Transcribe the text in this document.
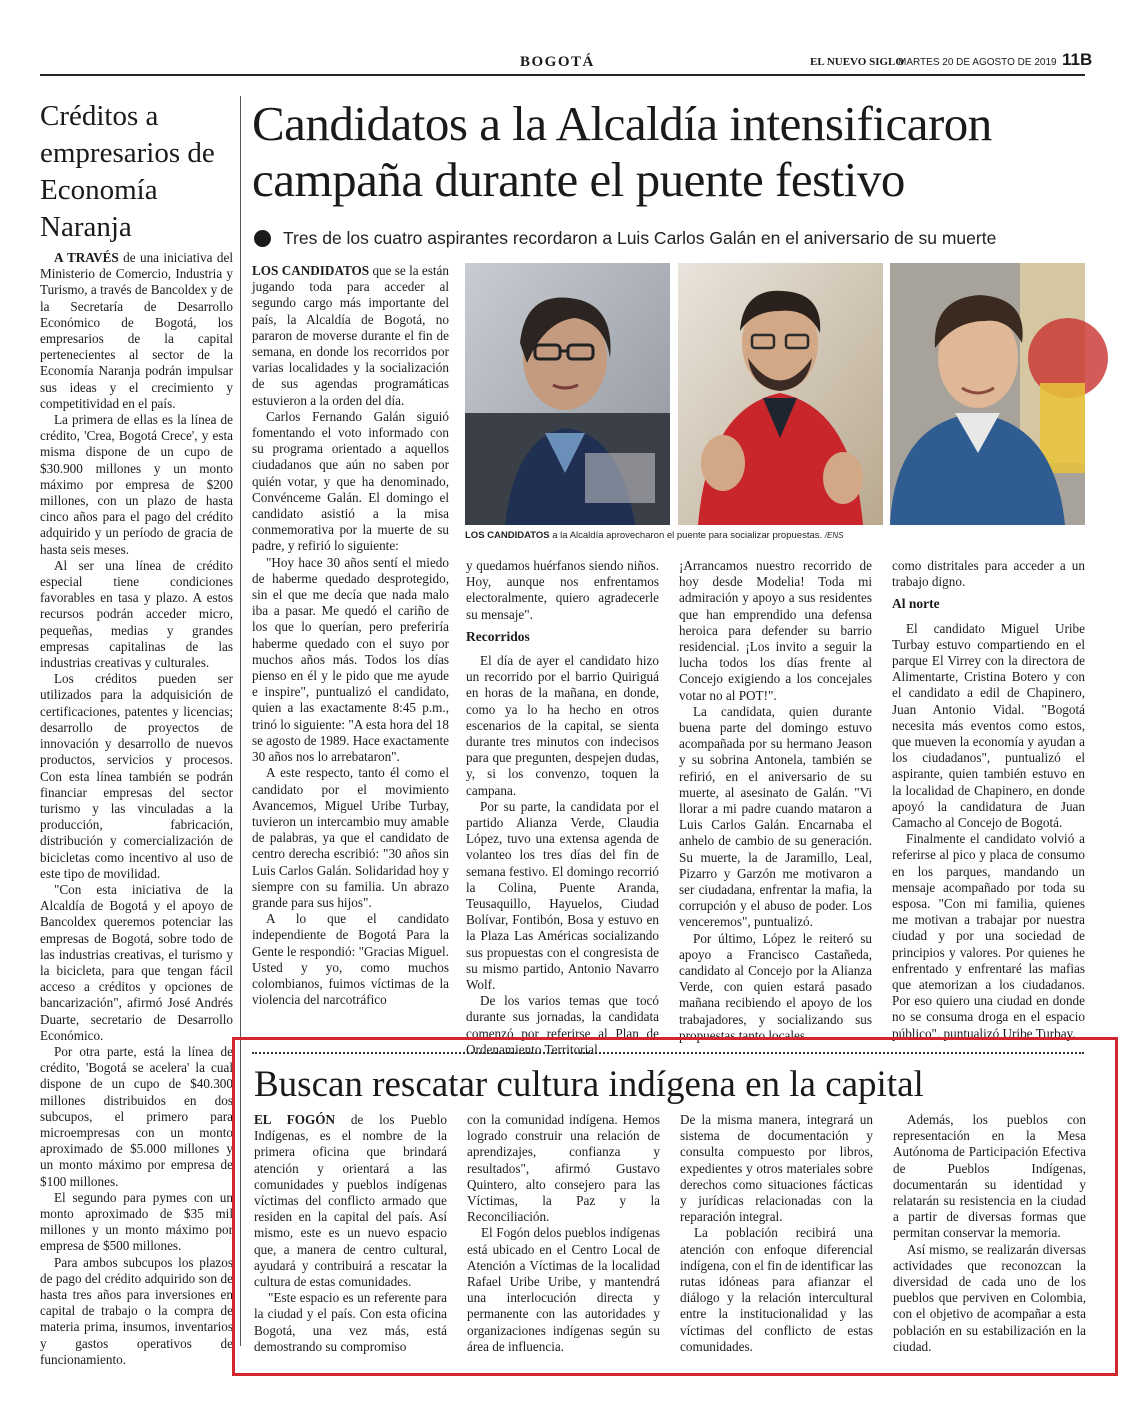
BOGOTÁ	EL NUEVO SIGLO
MARTES 20 DE AGOSTO DE 2019 11B
Créditos a empresarios de Economía Naranja

A TRAVÉS de una iniciativa del Ministerio de Comercio, Industria y Turismo, a través de Bancoldex y de la Secretaría de Desarrollo Económico de Bogotá, los empresarios de la capital pertenecientes al sector de la Economía Naranja podrán impulsar sus ideas y el crecimiento y competitividad en el país.

La primera de ellas es la línea de crédito, 'Crea, Bogotá Crece', y esta misma dispone de un cupo de $30.900 millones y un monto máximo por empresa de $200 millones, con un plazo de hasta cinco años para el pago del crédito adquirido y un período de gracia de hasta seis meses.

Al ser una línea de crédito especial tiene condiciones favorables en tasa y plazo. A estos recursos podrán acceder micro, pequeñas, medias y grandes empresas capitalinas de las industrias creativas y culturales.

Los créditos pueden ser utilizados para la adquisición de certificaciones, patentes y licencias; desarrollo de proyectos de innovación y desarrollo de nuevos productos, servicios y procesos. Con esta línea también se podrán financiar empresas del sector turismo y las vinculadas a la producción, fabricación, distribución y comercialización de bicicletas como incentivo al uso de este tipo de movilidad.

"Con esta iniciativa de la Alcaldía de Bogotá y el apoyo de Bancoldex queremos potenciar las empresas de Bogotá, sobre todo de las industrias creativas, el turismo y la bicicleta, para que tengan fácil acceso a créditos y opciones de bancarización", afirmó José Andrés Duarte, secretario de Desarrollo Económico.

Por otra parte, está la línea de crédito, 'Bogotá se acelera' la cual dispone de un cupo de $40.300 millones distribuidos en dos subcupos, el primero para microempresas con un monto aproximado de $5.000 millones y un monto máximo por empresa de $100 millones.

El segundo para pymes con un monto aproximado de $35 mil millones y un monto máximo por empresa de $500 millones.

Para ambos subcupos los plazos de pago del crédito adquirido son de hasta tres años para inversiones en capital de trabajo o la compra de materia prima, insumos, inventarios y gastos operativos de funcionamiento.

Candidatos a la Alcaldía intensificaron campaña durante el puente festivo
Tres de los cuatro aspirantes recordaron a Luis Carlos Galán en el aniversario de su muerte

LOS CANDIDATOS que se la están jugando toda para acceder al segundo cargo más importante del país, la Alcaldía de Bogotá, no pararon de moverse durante el fin de semana, en donde los recorridos por varias localidades y la socialización de sus agendas programáticas estuvieron a la orden del día.

Carlos Fernando Galán siguió fomentando el voto informado con su programa orientado a aquellos ciudadanos que aún no saben por quién votar, y que ha denominado, Convénceme Galán. El domingo el candidato asistió a la misa conmemorativa por la muerte de su padre, y refirió lo siguiente:

"Hoy hace 30 años sentí el miedo de haberme quedado desprotegido, sin el que me decía que nada malo iba a pasar. Me quedó el cariño de los que lo querían, pero preferiría haberme quedado con el suyo por muchos años más. Todos los días pienso en él y le pido que me ayude e inspire", puntualizó el candidato, quien a las exactamente 8:45 p.m., trinó lo siguiente: "A esta hora del 18 se agosto de 1989. Hace exactamente 30 años nos lo arrebataron".

A este respecto, tanto él como el candidato por el movimiento Avancemos, Miguel Uribe Turbay, tuvieron un intercambio muy amable de palabras, ya que el candidato de centro derecha escribió: "30 años sin Luis Carlos Galán. Solidaridad hoy y siempre con su familia. Un abrazo grande para sus hijos".

A lo que el candidato independiente de Bogotá Para la Gente le respondió: "Gracias Miguel. Usted y yo, como muchos colombianos, fuimos víctimas de la violencia del narcotráfico

LOS CANDIDATOS a la Alcaldía aprovecharon el puente para socializar propuestas. /ENS

y quedamos huérfanos siendo niños. Hoy, aunque nos enfrentamos electoralmente, quiero agradecerle su mensaje".

Recorridos

El día de ayer el candidato hizo un recorrido por el barrio Quiriguá en horas de la mañana, en donde, como ya lo ha hecho en otros escenarios de la capital, se sienta durante tres minutos con indecisos para que pregunten, despejen dudas, y, si los convenzo, toquen la campana.

Por su parte, la candidata por el partido Alianza Verde, Claudia López, tuvo una extensa agenda de volanteo los tres días del fin de semana festivo. El domingo recorrió la Colina, Puente Aranda, Teusaquillo, Hayuelos, Ciudad Bolívar, Fontibón, Bosa y estuvo en la Plaza Las Américas socializando sus propuestas con el congresista de su mismo partido, Antonio Navarro Wolf.

De los varios temas que tocó durante sus jornadas, la candidata comenzó por referirse al Plan de Ordenamiento Territorial

¡Arrancamos nuestro recorrido de hoy desde Modelia! Toda mi admiración y apoyo a sus residentes que han emprendido una defensa heroica para defender su barrio residencial. ¡Los invito a seguir la lucha todos los días frente al Concejo exigiendo a los concejales votar no al POT!".

La candidata, quien durante buena parte del domingo estuvo acompañada por su hermano Jeason y su sobrina Antonela, también se refirió, en el aniversario de su muerte, al asesinato de Galán. "Vi llorar a mi padre cuando mataron a Luis Carlos Galán. Encarnaba el anhelo de cambio de su generación. Su muerte, la de Jaramillo, Leal, Pizarro y Garzón me motivaron a ser ciudadana, enfrentar la mafia, la corrupción y el abuso de poder. Los venceremos", puntualizó.

Por último, López le reiteró su apoyo a Francisco Castañeda, candidato al Concejo por la Alianza Verde, con quien estará pasado mañana recibiendo el apoyo de los trabajadores, y socializando sus propuestas tanto locales

como distritales para acceder a un trabajo digno.

Al norte

El candidato Miguel Uribe Turbay estuvo compartiendo en el parque El Virrey con la directora de Alimentarte, Cristina Botero y con el candidato a edil de Chapinero, Juan Antonio Vidal. "Bogotá necesita más eventos como estos, que mueven la economía y ayudan a los ciudadanos", puntualizó el aspirante, quien también estuvo en la localidad de Chapinero, en donde apoyó la candidatura de Juan Camacho al Concejo de Bogotá.

Finalmente el candidato volvió a referirse al pico y placa de consumo en los parques, mandando un mensaje acompañado por toda su esposa. "Con mi familia, quienes me motivan a trabajar por nuestra ciudad y por una sociedad de principios y valores. Por quienes he enfrentado y enfrentaré las mafias que atemorizan a los ciudadanos. Por eso quiero una ciudad en donde no se consuma droga en el espacio público", puntualizó Uribe Turbay.

Buscan rescatar cultura indígena en la capital

EL FOGÓN de los Pueblo Indígenas, es el nombre de la primera oficina que brindará atención y orientará a las comunidades y pueblos indígenas víctimas del conflicto armado que residen en la capital del país. Así mismo, este es un nuevo espacio que, a manera de centro cultural, ayudará y contribuirá a rescatar la cultura de estas comunidades.

"Este espacio es un referente para la ciudad y el país. Con esta oficina Bogotá, una vez más, está demostrando su compromiso

con la comunidad indígena. Hemos logrado construir una relación de aprendizajes, confianza y resultados", afirmó Gustavo Quintero, alto consejero para las Víctimas, la Paz y la Reconciliación.

El Fogón delos pueblos indígenas está ubicado en el Centro Local de Atención a Víctimas de la localidad Rafael Uribe Uribe, y mantendrá una interlocución directa y permanente con las autoridades y organizaciones indígenas según su área de influencia.

De la misma manera, integrará un sistema de documentación y consulta compuesto por libros, expedientes y otros materiales sobre derechos como situaciones fácticas y jurídicas relacionadas con la reparación integral.

La población recibirá una atención con enfoque diferencial indígena, con el fin de identificar las rutas idóneas para afianzar el diálogo y la relación intercultural entre la institucionalidad y las víctimas del conflicto de estas comunidades.

Además, los pueblos con representación en la Mesa Autónoma de Participación Efectiva de Pueblos Indígenas, documentarán su identidad y relatarán su resistencia en la ciudad a partir de diversas formas que permitan conservar la memoria.

Así mismo, se realizarán diversas actividades que reconozcan la diversidad de cada uno de los pueblos que perviven en Colombia, con el objetivo de acompañar a esta población en su estabilización en la ciudad.
